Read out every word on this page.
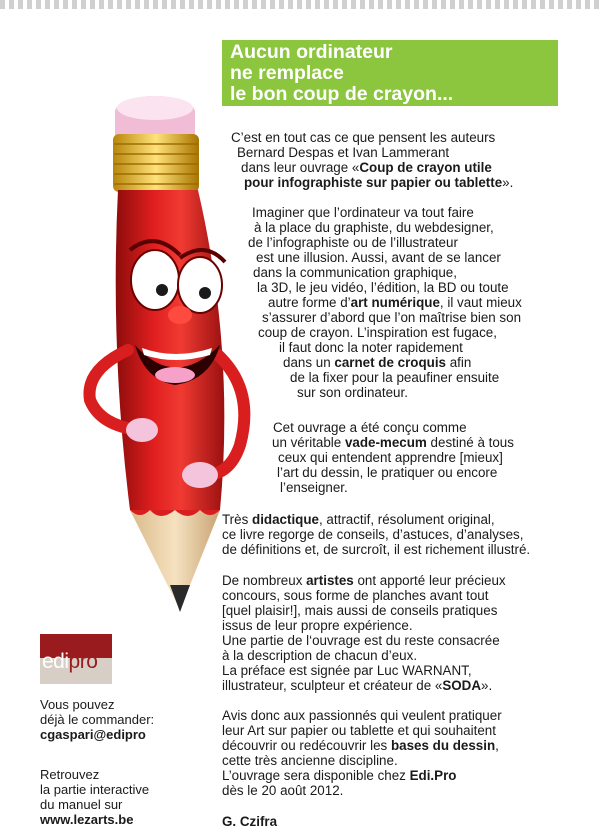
Aucun ordinateur
ne remplace
le bon coup de crayon...
C’est en tout cas ce que pensent les auteurs
Bernard Despas et Ivan Lammerant
dans leur ouvrage «Coup de crayon utile
pour infographiste sur papier ou tablette».
Imaginer que l’ordinateur va tout faire
à la place du graphiste, du webdesigner,
de l’infographiste ou de l’illustrateur
est une illusion. Aussi, avant de se lancer
dans la communication graphique,
la 3D, le jeu vidéo, l’édition, la BD ou toute
autre forme d’art numérique, il vaut mieux
s’assurer d’abord que l’on maîtrise bien son
coup de crayon. L’inspiration est fugace,
il faut donc la noter rapidement
dans un carnet de croquis afin
de la fixer pour la peaufiner ensuite
sur son ordinateur.
Cet ouvrage a été conçu comme
un véritable vade-mecum destiné à tous
ceux qui entendent apprendre [mieux]
l’art du dessin, le pratiquer ou encore
l’enseigner.
Très didactique, attractif, résolument original,
ce livre regorge de conseils, d’astuces, d’analyses,
de définitions et, de surcroît, il est richement illustré.
De nombreux artistes ont apporté leur précieux
concours, sous forme de planches avant tout
[quel plaisir!], mais aussi de conseils pratiques
issus de leur propre expérience.
Une partie de l‘ouvrage est du reste consacrée
à la description de chacun d’eux.
La préface est signée par Luc WARNANT,
illustrateur, sculpteur et créateur de «SODA».
Avis donc aux passionnés qui veulent pratiquer
leur Art sur papier ou tablette et qui souhaitent
découvrir ou redécouvrir les bases du dessin,
cette très ancienne discipline.
L’ouvrage sera disponible chez Edi.Pro
dès le 20 août 2012.
G. Czifra
edipro
Vous pouvez
déjà le commander:
cgaspari@edipro
Retrouvez
la partie interactive
du manuel sur
www.lezarts.be
